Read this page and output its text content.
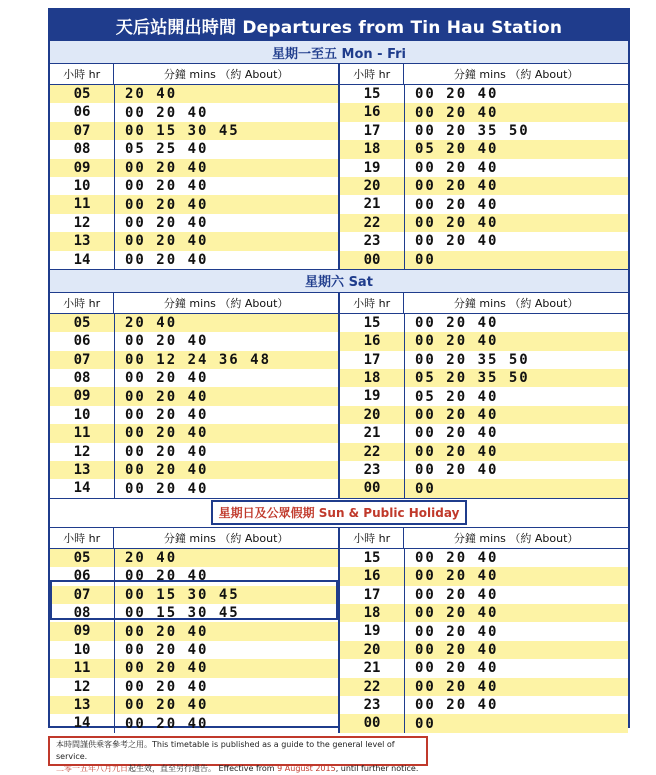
天后站開出時間 Departures from Tin Hau Station
星期一至五 Mon - Fri
小時 hr	分鐘 mins （約 About）	小時 hr	分鐘 mins （約 About）
05	20 40
06	00 20 40
07	00 15 30 45
08	05 25 40
09	00 20 40
10	00 20 40
11	00 20 40
12	00 20 40
13	00 20 40
14	00 20 40
15	00 20 40
16	00 20 40
17	00 20 35 50
18	05 20 40
19	00 20 40
20	00 20 40
21	00 20 40
22	00 20 40
23	00 20 40
00	00
星期六 Sat
小時 hr	分鐘 mins （約 About）	小時 hr	分鐘 mins （約 About）
05	20 40
06	00 20 40
07	00 12 24 36 48
08	00 20 40
09	00 20 40
10	00 20 40
11	00 20 40
12	00 20 40
13	00 20 40
14	00 20 40
15	00 20 40
16	00 20 40
17	00 20 35 50
18	05 20 35 50
19	05 20 40
20	00 20 40
21	00 20 40
22	00 20 40
23	00 20 40
00	00
星期日及公眾假期 Sun & Public Holiday
小時 hr	分鐘 mins （約 About）	小時 hr	分鐘 mins （約 About）
05	20 40
06	00 20 40
07	00 15 30 45
08	00 15 30 45
09	00 20 40
10	00 20 40
11	00 20 40
12	00 20 40
13	00 20 40
14	00 20 40
15	00 20 40
16	00 20 40
17	00 20 40
18	00 20 40
19	00 20 40
20	00 20 40
21	00 20 40
22	00 20 40
23	00 20 40
00	00
本時間謹供乘客參考之用。This timetable is published as a guide to the general level of service.
二零一五年八月九日起生效，直至另行通告。 Effective from 9 August 2015, until further notice.
